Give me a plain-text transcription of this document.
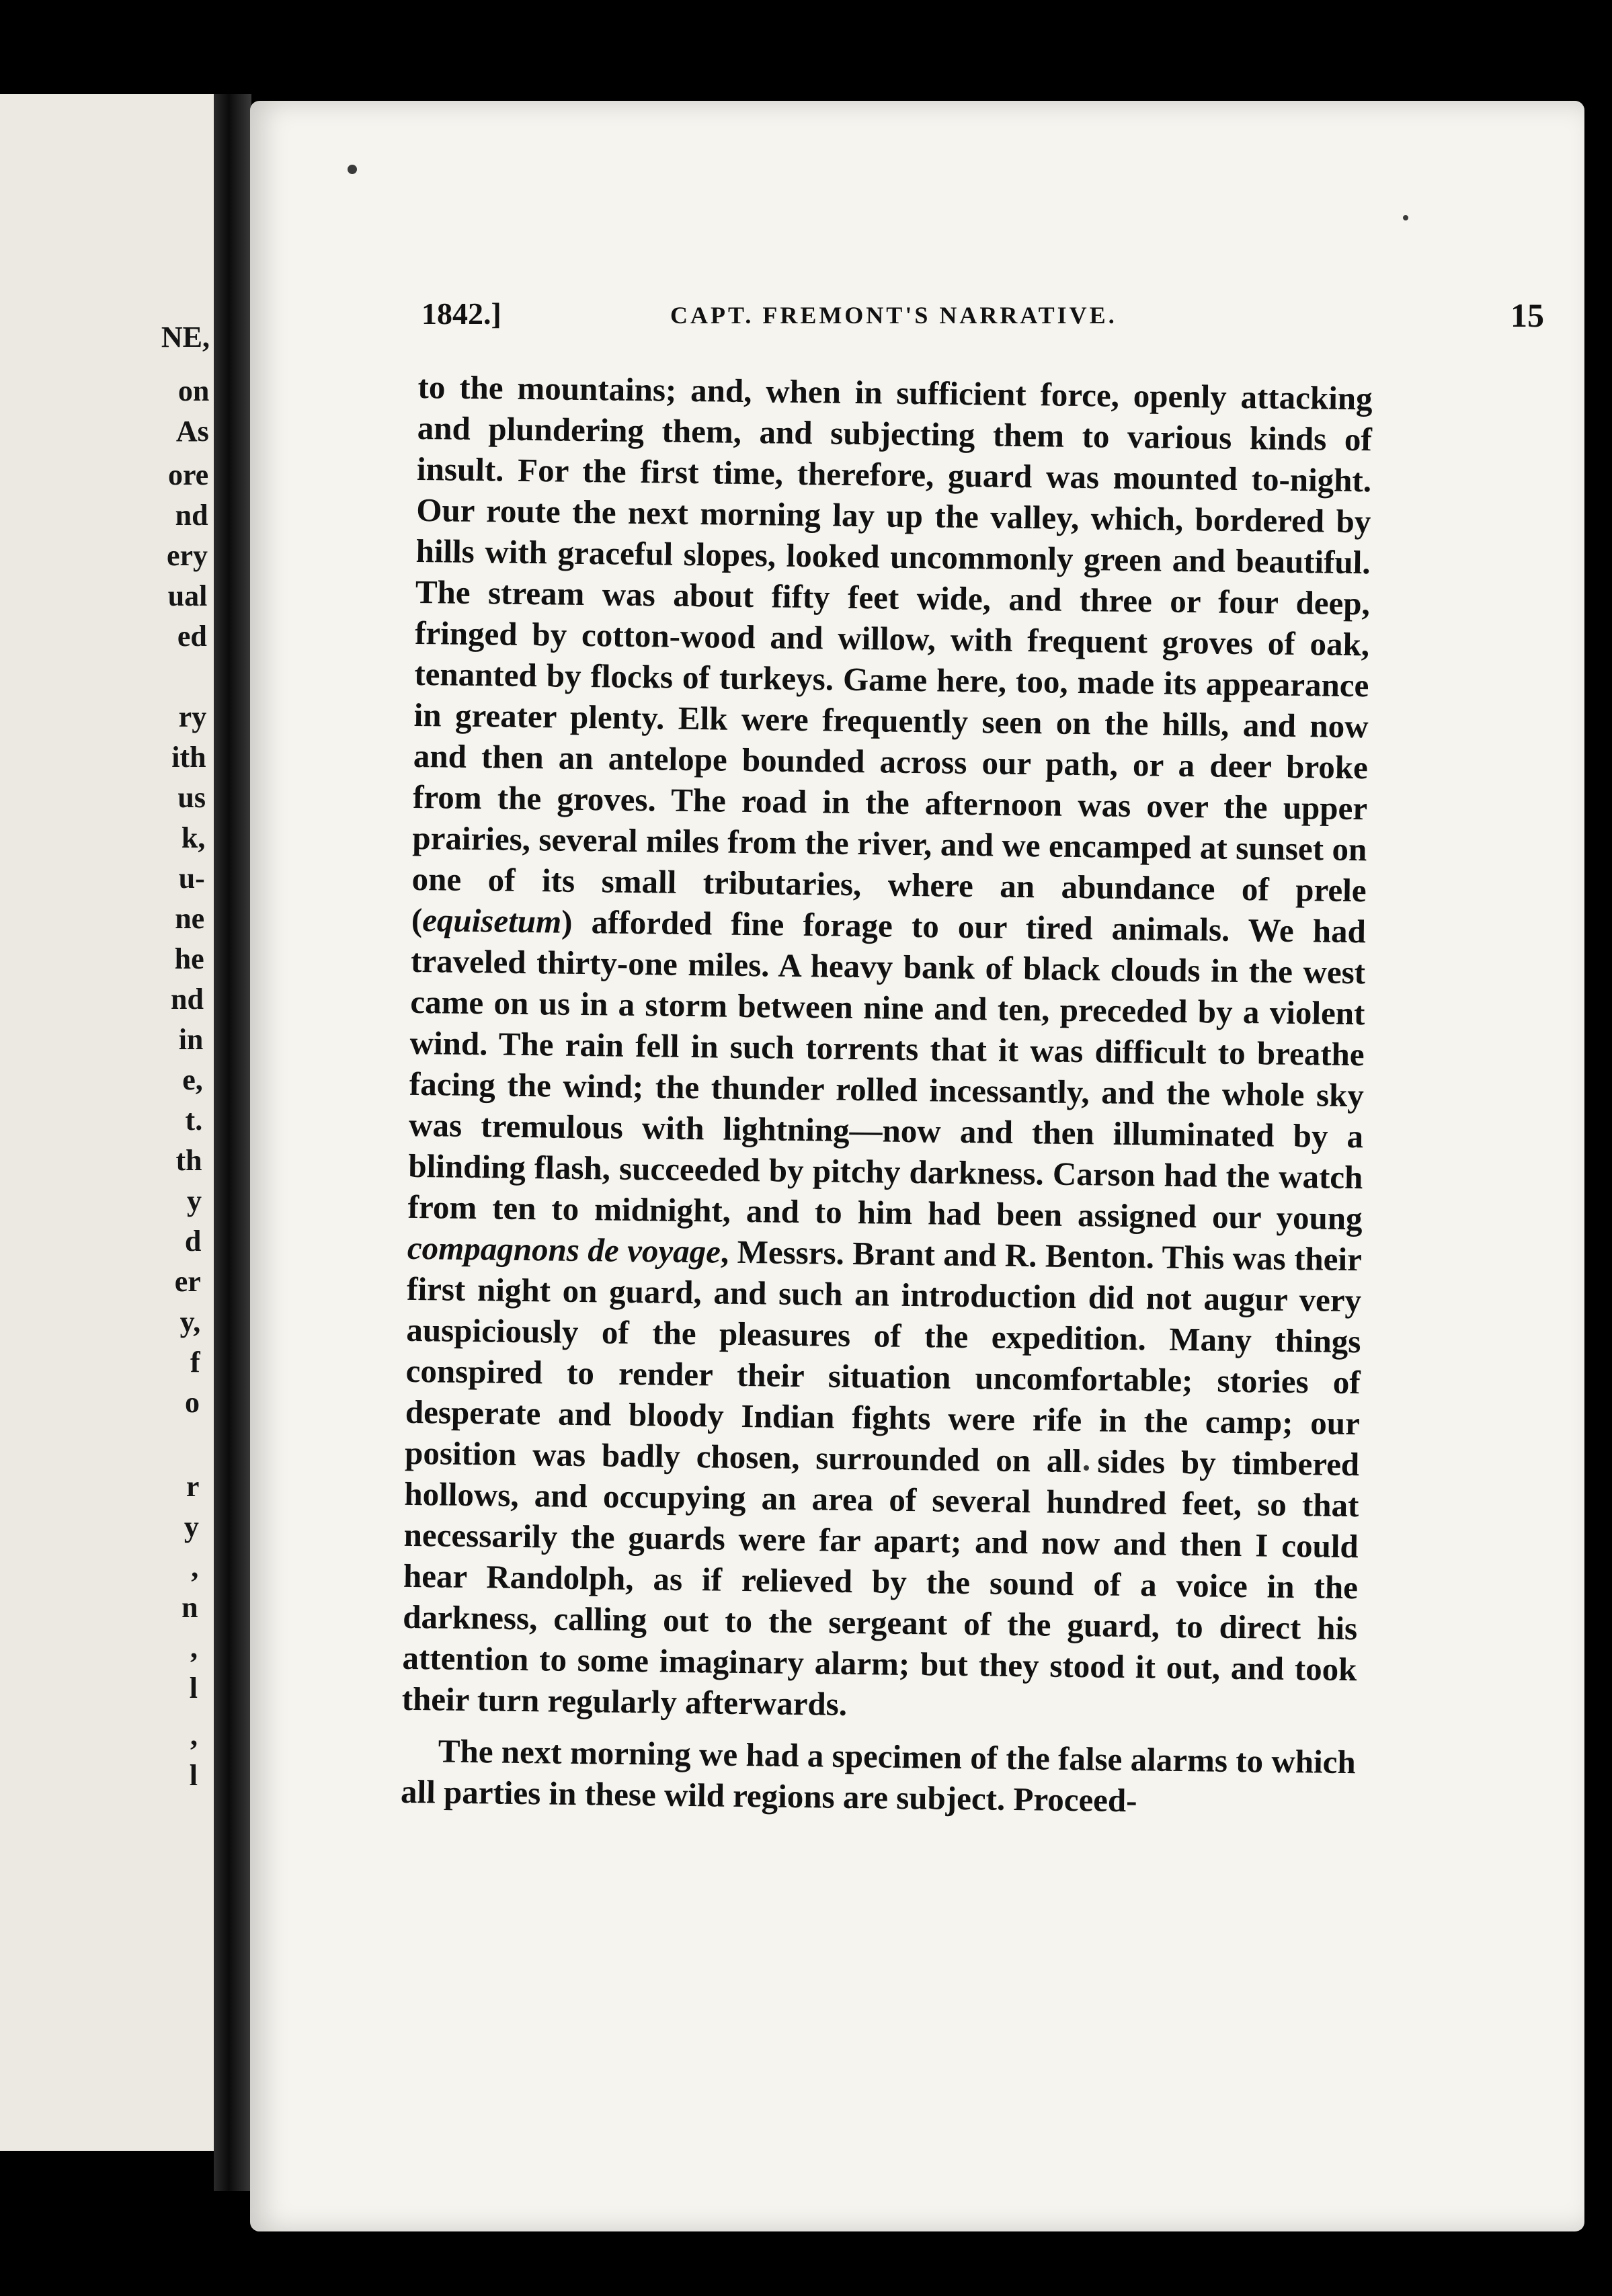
NE,
on
As
ore
nd
ery
ual
ed
ry
ith
us
k,
u-
ne
he
nd
in
e,
t.
th
y
d
er
y,
f
o
r
y
,
n
,
l
,
l
1842.]	CAPT. FREMONT'S NARRATIVE.	15

to the mountains; and, when in sufficient force, openly attacking and plundering them, and subjecting them to various kinds of insult. For the first time, therefore, guard was mounted to-night. Our route the next morning lay up the valley, which, bordered by hills with graceful slopes, looked uncommonly green and beautiful. The stream was about fifty feet wide, and three or four deep, fringed by cotton-wood and willow, with frequent groves of oak, tenanted by flocks of turkeys. Game here, too, made its appearance in greater plenty. Elk were frequently seen on the hills, and now and then an antelope bounded across our path, or a deer broke from the groves. The road in the afternoon was over the upper prairies, several miles from the river, and we encamped at sunset on one of its small tributaries, where an abundance of prele (equisetum) afforded fine forage to our tired animals. We had traveled thirty-one miles. A heavy bank of black clouds in the west came on us in a storm between nine and ten, preceded by a violent wind. The rain fell in such torrents that it was difficult to breathe facing the wind; the thunder rolled incessantly, and the whole sky was tremulous with lightning—now and then illuminated by a blinding flash, succeeded by pitchy darkness. Carson had the watch from ten to midnight, and to him had been assigned our young compagnons de voyage, Messrs. Brant and R. Benton. This was their first night on guard, and such an introduction did not augur very auspiciously of the pleasures of the expedition. Many things conspired to render their situation uncomfortable; stories of desperate and bloody Indian fights were rife in the camp; our position was badly chosen, surrounded on all sides by timbered hollows, and occupying an area of several hundred feet, so that necessarily the guards were far apart; and now and then I could hear Randolph, as if relieved by the sound of a voice in the darkness, calling out to the sergeant of the guard, to direct his attention to some imaginary alarm; but they stood it out, and took their turn regularly afterwards.

The next morning we had a specimen of the false alarms to which all parties in these wild regions are subject. Proceed-
